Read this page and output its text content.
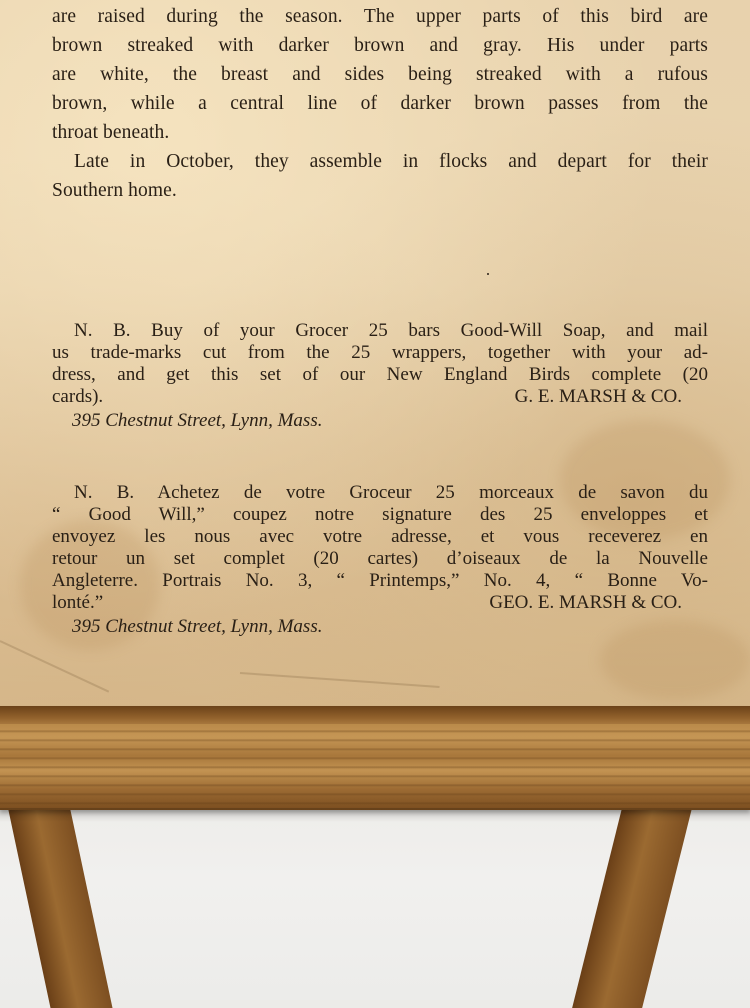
are raised during the season. The upper parts of this bird are
brown streaked with darker brown and gray. His under parts
are white, the breast and sides being streaked with a rufous
brown, while a central line of darker brown passes from the
throat beneath.

Late in October, they assemble in flocks and depart for their
Southern home.

N. B. Buy of your Grocer 25 bars Good-Will Soap, and mail
us trade-marks cut from the 25 wrappers, together with your ad-
dress, and get this set of our New England Birds complete (20
cards).	G. E. MARSH & CO.
395 Chestnut Street, Lynn, Mass.
N. B. Achetez de votre Groceur 25 morceaux de savon du
“ Good Will,” coupez notre signature des 25 enveloppes et
envoyez les nous avec votre adresse, et vous receverez en
retour un set complet (20 cartes) d’oiseaux de la Nouvelle
Angleterre. Portrais No. 3, “ Printemps,” No. 4, “ Bonne Vo-
lonté.”	GEO. E. MARSH & CO.
395 Chestnut Street, Lynn, Mass.
